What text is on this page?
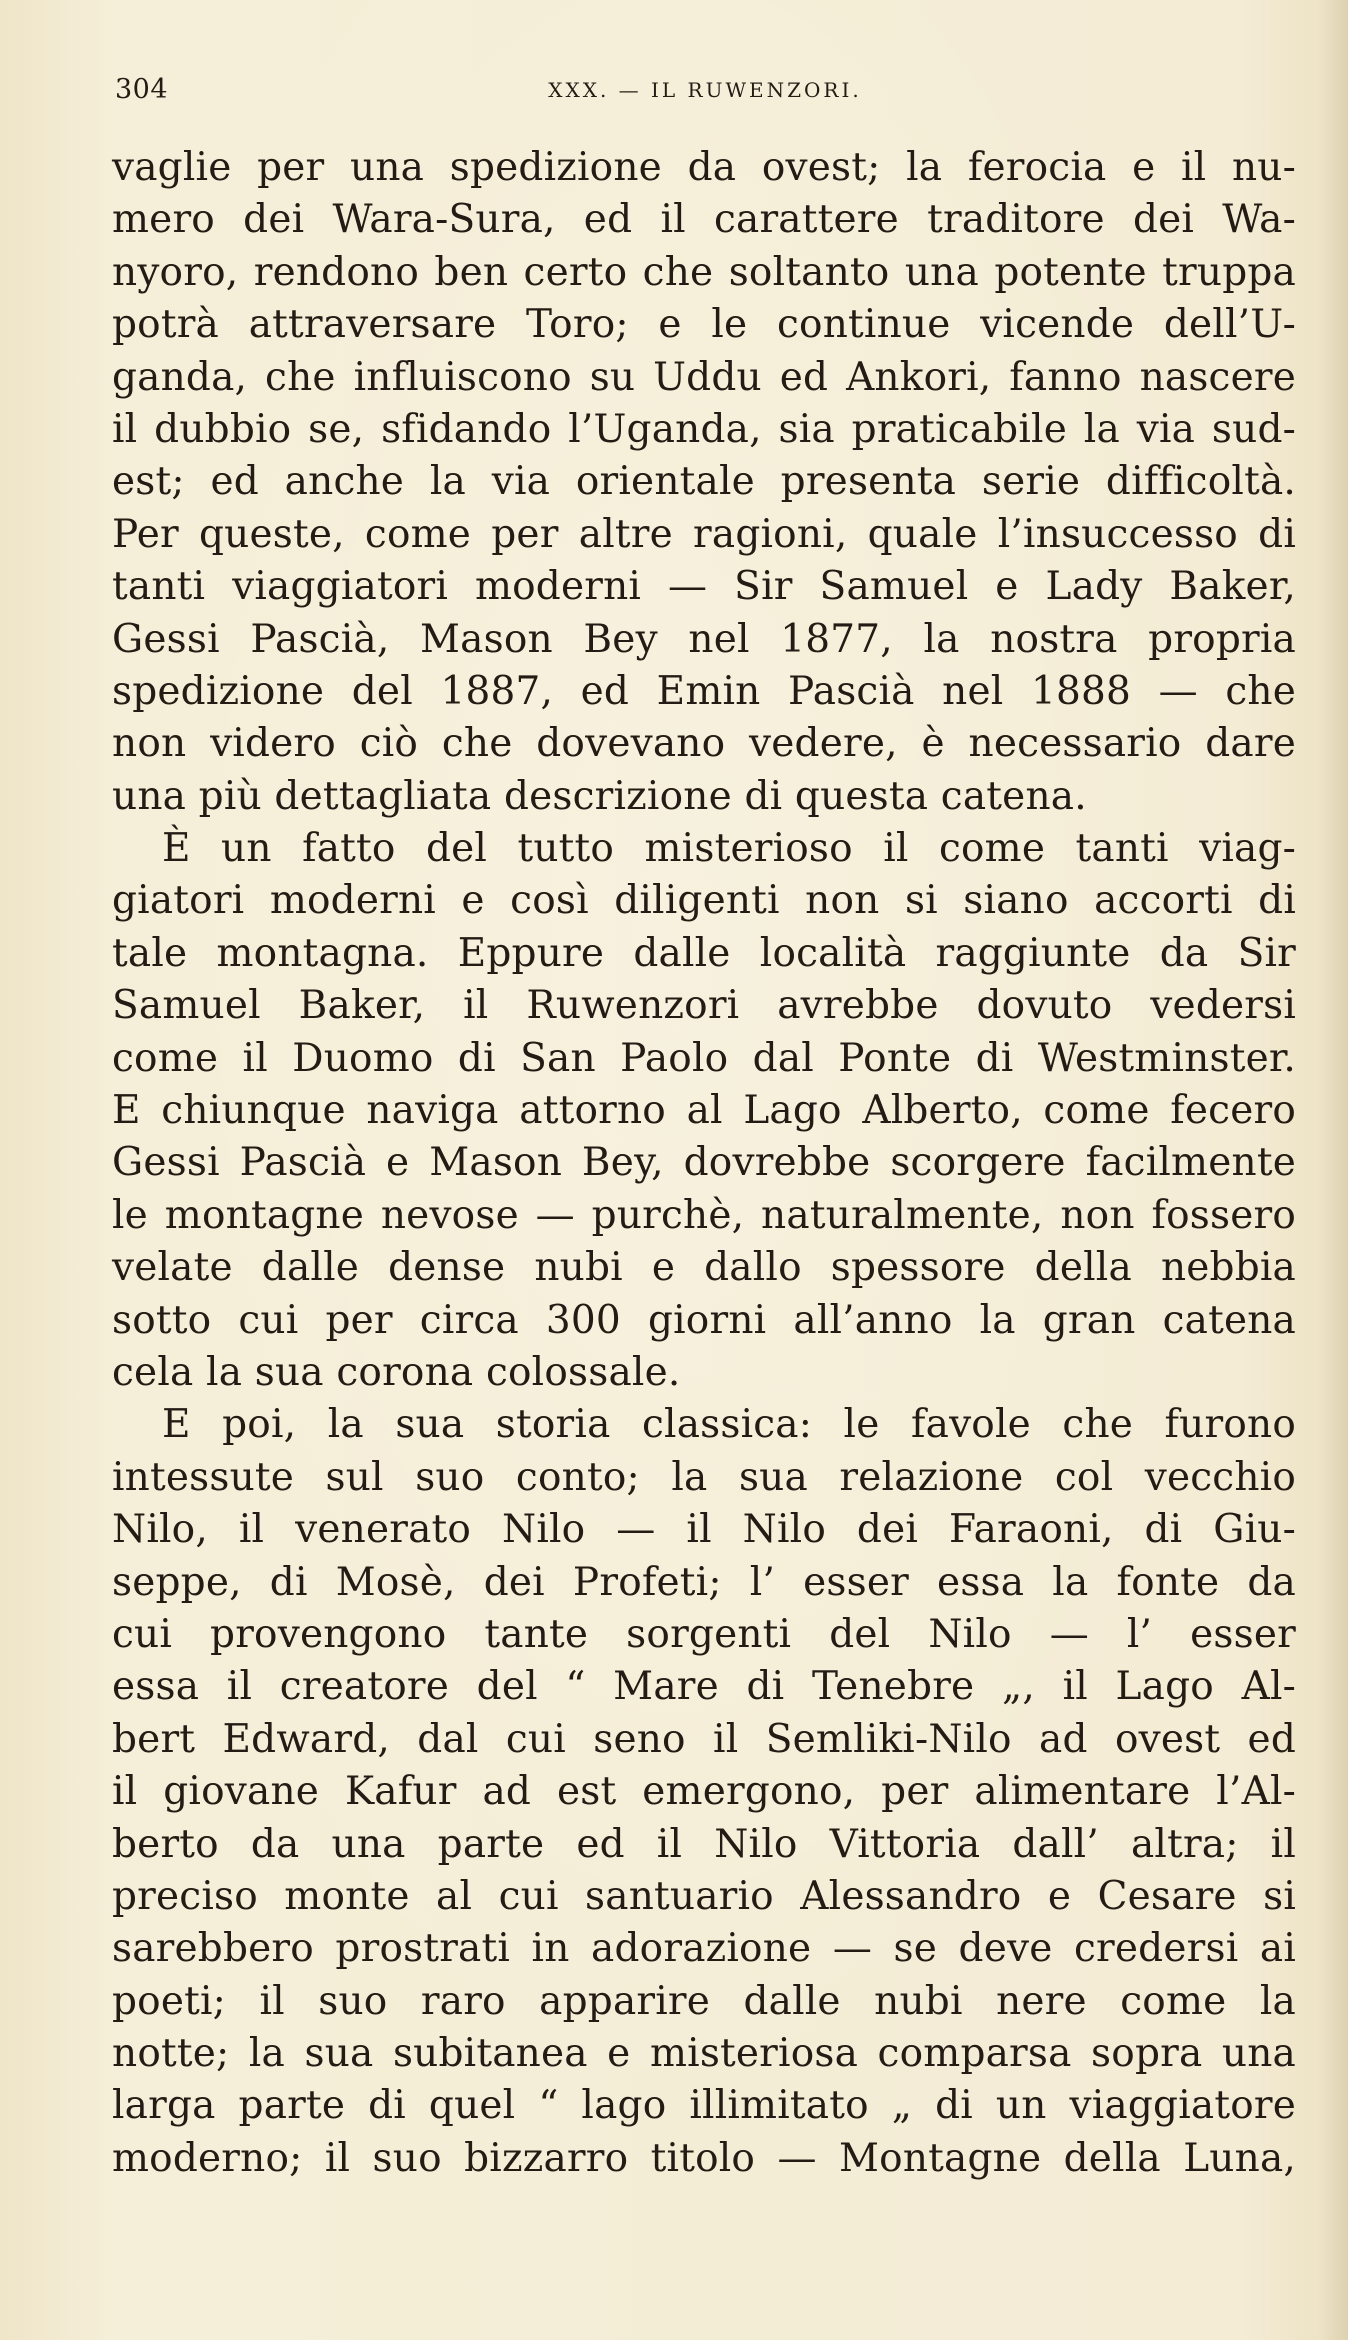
304	XXX. — IL RUWENZORI.
vaglie per una spedizione da ovest; la ferocia e il nu-
mero dei Wara-Sura, ed il carattere traditore dei Wa-
nyoro, rendono ben certo che soltanto una potente truppa
potrà attraversare Toro; e le continue vicende dell’U-
ganda, che influiscono su Uddu ed Ankori, fanno nascere
il dubbio se, sfidando l’Uganda, sia praticabile la via sud-
est; ed anche la via orientale presenta serie difficoltà.
Per queste, come per altre ragioni, quale l’insuccesso di
tanti viaggiatori moderni — Sir Samuel e Lady Baker,
Gessi Pascià, Mason Bey nel 1877, la nostra propria
spedizione del 1887, ed Emin Pascià nel 1888 — che
non videro ciò che dovevano vedere, è necessario dare
una più dettagliata descrizione di questa catena.
È un fatto del tutto misterioso il come tanti viag-
giatori moderni e così diligenti non si siano accorti di
tale montagna. Eppure dalle località raggiunte da Sir
Samuel Baker, il Ruwenzori avrebbe dovuto vedersi
come il Duomo di San Paolo dal Ponte di Westminster.
E chiunque naviga attorno al Lago Alberto, come fecero
Gessi Pascià e Mason Bey, dovrebbe scorgere facilmente
le montagne nevose — purchè, naturalmente, non fossero
velate dalle dense nubi e dallo spessore della nebbia
sotto cui per circa 300 giorni all’anno la gran catena
cela la sua corona colossale.
E poi, la sua storia classica: le favole che furono
intessute sul suo conto; la sua relazione col vecchio
Nilo, il venerato Nilo — il Nilo dei Faraoni, di Giu-
seppe, di Mosè, dei Profeti; l’ esser essa la fonte da
cui provengono tante sorgenti del Nilo — l’ esser
essa il creatore del “ Mare di Tenebre „, il Lago Al-
bert Edward, dal cui seno il Semliki-Nilo ad ovest ed
il giovane Kafur ad est emergono, per alimentare l’Al-
berto da una parte ed il Nilo Vittoria dall’ altra; il
preciso monte al cui santuario Alessandro e Cesare si
sarebbero prostrati in adorazione — se deve credersi ai
poeti; il suo raro apparire dalle nubi nere come la
notte; la sua subitanea e misteriosa comparsa sopra una
larga parte di quel “ lago illimitato „ di un viaggiatore
moderno; il suo bizzarro titolo — Montagne della Luna,
